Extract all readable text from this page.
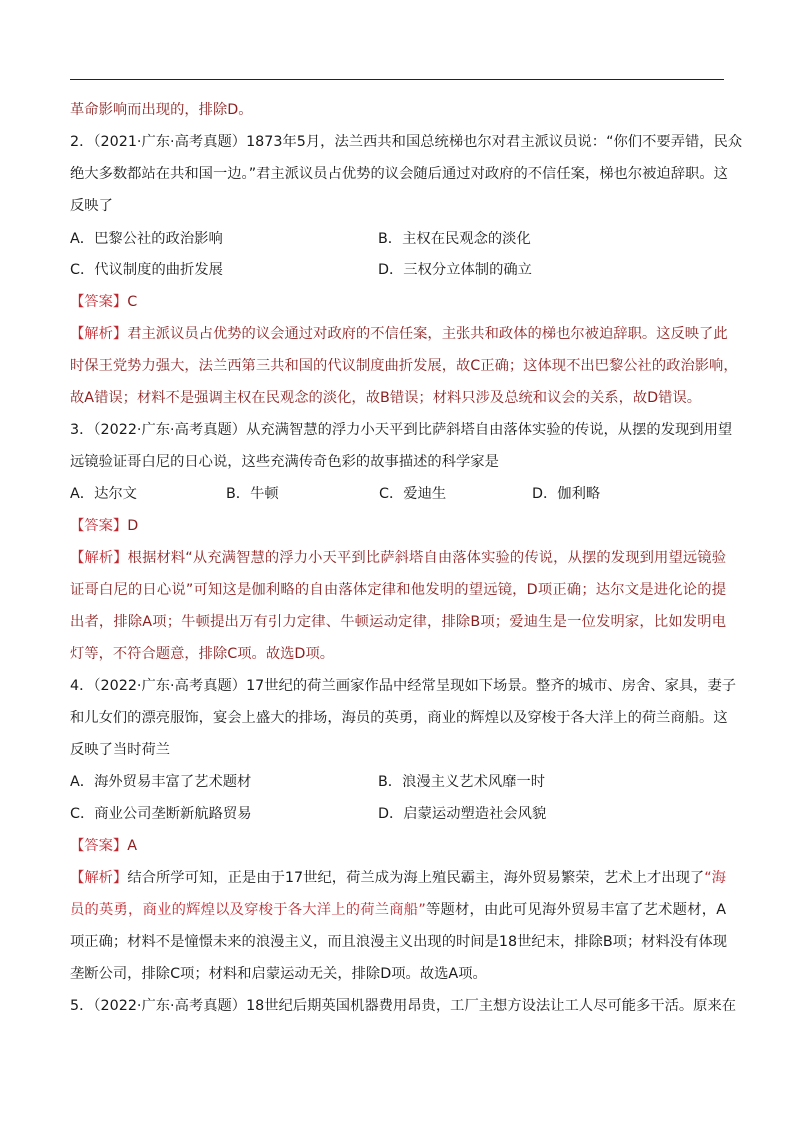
革命影响而出现的，排除D。
2．（2021·广东·高考真题）1873年5月，法兰西共和国总统梯也尔对君主派议员说：“你们不要弄错，民众
绝大多数都站在共和国一边。”君主派议员占优势的议会随后通过对政府的不信任案，梯也尔被迫辞职。这
反映了
A．巴黎公社的政治影响	B．主权在民观念的淡化
C．代议制度的曲折发展	D．三权分立体制的确立
【答案】C
【解析】君主派议员占优势的议会通过对政府的不信任案，主张共和政体的梯也尔被迫辞职。这反映了此
时保王党势力强大，法兰西第三共和国的代议制度曲折发展，故C正确；这体现不出巴黎公社的政治影响，
故A错误；材料不是强调主权在民观念的淡化，故B错误；材料只涉及总统和议会的关系，故D错误。
3．（2022·广东·高考真题）从充满智慧的浮力小天平到比萨斜塔自由落体实验的传说，从摆的发现到用望
远镜验证哥白尼的日心说，这些充满传奇色彩的故事描述的科学家是
A．达尔文	B．牛顿	C．爱迪生	D．伽利略
【答案】D
【解析】根据材料“从充满智慧的浮力小天平到比萨斜塔自由落体实验的传说，从摆的发现到用望远镜验
证哥白尼的日心说”可知这是伽利略的自由落体定律和他发明的望远镜，D项正确；达尔文是进化论的提
出者，排除A项；牛顿提出万有引力定律、牛顿运动定律，排除B项；爱迪生是一位发明家，比如发明电
灯等，不符合题意，排除C项。故选D项。
4．（2022·广东·高考真题）17世纪的荷兰画家作品中经常呈现如下场景。整齐的城市、房舍、家具，妻子
和儿女们的漂亮服饰，宴会上盛大的排场，海员的英勇，商业的辉煌以及穿梭于各大洋上的荷兰商船。这
反映了当时荷兰
A．海外贸易丰富了艺术题材	B．浪漫主义艺术风靡一时
C．商业公司垄断新航路贸易	D．启蒙运动塑造社会风貌
【答案】A
【解析】结合所学可知，正是由于17世纪，荷兰成为海上殖民霸主，海外贸易繁荣，艺术上才出现了“海
员的英勇，商业的辉煌以及穿梭于各大洋上的荷兰商船”等题材，由此可见海外贸易丰富了艺术题材，A
项正确；材料不是憧憬未来的浪漫主义，而且浪漫主义出现的时间是18世纪末，排除B项；材料没有体现
垄断公司，排除C项；材料和启蒙运动无关，排除D项。故选A项。
5．（2022·广东·高考真题）18世纪后期英国机器费用昂贵，工厂主想方设法让工人尽可能多干活。原来在
